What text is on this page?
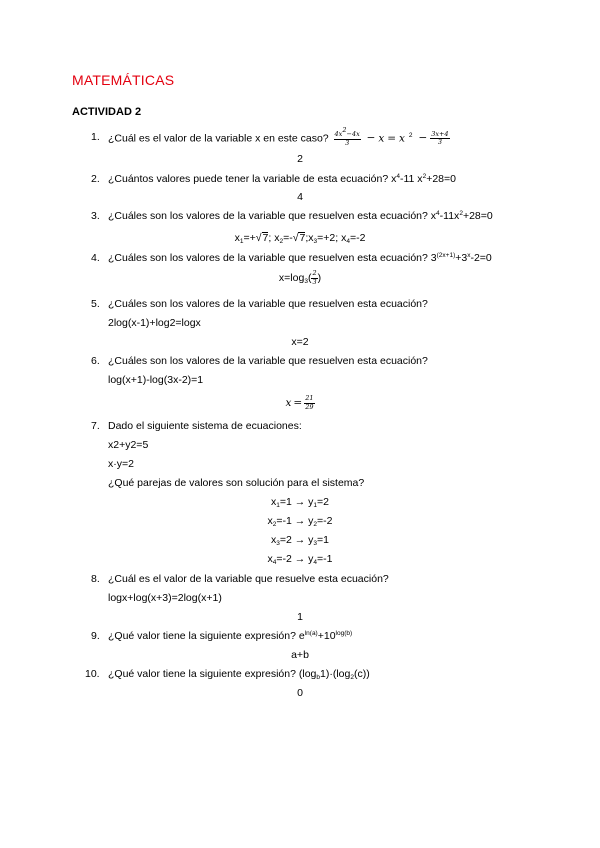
MATEMÁTICAS
ACTIVIDAD 2
1. ¿Cuál es el valor de la variable x en este caso? $\frac{4x^2-4x}{3} - x = x$ $^2 - \frac{3x+4}{3}$
2
2. ¿Cuántos valores puede tener la variable de esta ecuación? $x^4-11$ $x^2+28=0$
4
3. ¿Cuáles son los valores de la variable que resuelven esta ecuación? $x^4-11x^2+28=0$
$x_1=+√7$; $x_2=-√7;x_3=+2$; $x_4=-2$
4. ¿Cuáles son los valores de la variable que resuelven esta ecuación? $3^{(2x+1)}+3^x-2=0$
$x=\log_3( \frac{2}{3}$ )
5. ¿Cuáles son los valores de la variable que resuelven esta ecuación?
2log(x-1)+log2=logx
x=2
6. ¿Cuáles son los valores de la variable que resuelven esta ecuación?
log(x+1)-log(3x-2)=1
$x = \frac{21}{29}$
7. Dado el siguiente sistema de ecuaciones:
x2+y2=5
x·y=2
¿Qué parejas de valores son solución para el sistema?
$x_1=1 \to y_1=2$
$x_2=-1 \to y_2=-2$
$x_3=2 \to y_3=1$
$x_4=-2 \to y_4=-1$
8. ¿Cuál es el valor de la variable que resuelve esta ecuación?
logx+log(x+3)=2log(x+1)
1
9. ¿Qué valor tiene la siguiente expresión? $e^{ln(a)}+10^{log(b)}$
a+b
10. ¿Qué valor tiene la siguiente expresión? $(\log_b1)\cdot(\log_2(c))$
0
